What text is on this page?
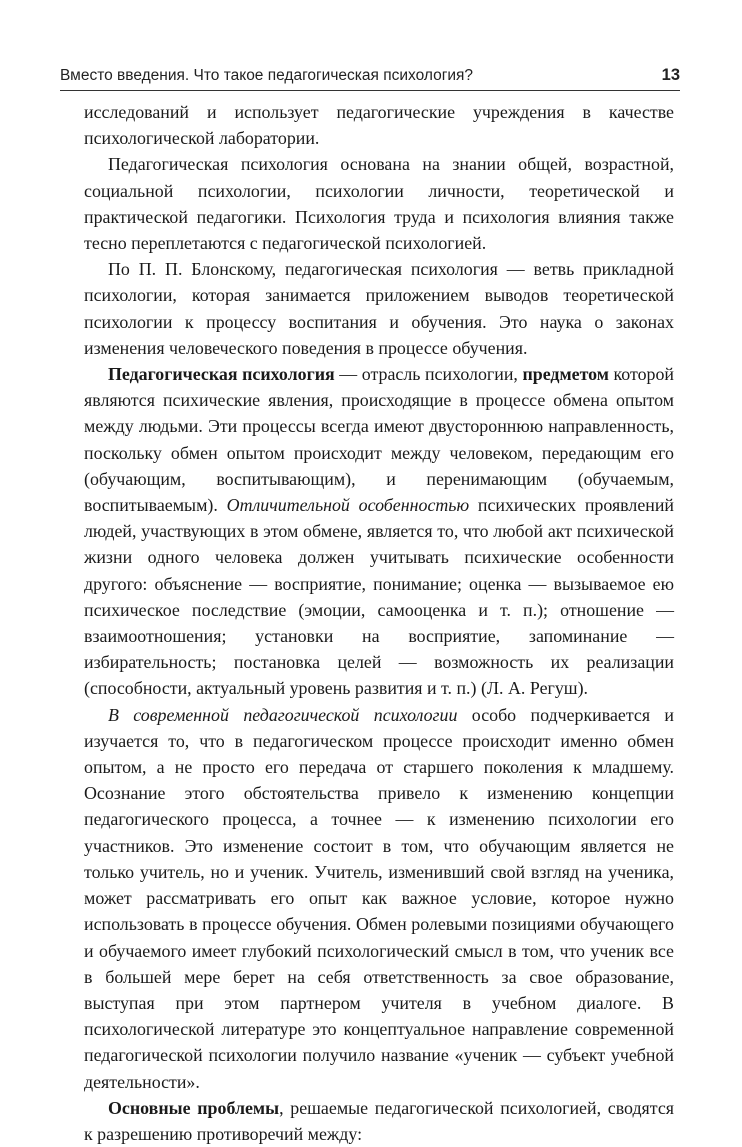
Вместо введения. Что такое педагогическая психология?	13

исследований и использует педагогические учреждения в качестве психологической лаборатории.

Педагогическая психология основана на знании общей, возрастной, социальной психологии, психологии личности, теоретической и практической педагогики. Психология труда и психология влияния также тесно переплетаются с педагогической психологией.

По П. П. Блонскому, педагогическая психология — ветвь прикладной психологии, которая занимается приложением выводов теоретической психологии к процессу воспитания и обучения. Это наука о законах изменения человеческого поведения в процессе обучения.

Педагогическая психология — отрасль психологии, предметом которой являются психические явления, происходящие в процессе обмена опытом между людьми. Эти процессы всегда имеют двустороннюю направленность, поскольку обмен опытом происходит между человеком, передающим его (обучающим, воспитывающим), и перенимающим (обучаемым, воспитываемым). Отличительной особенностью психических проявлений людей, участвующих в этом обмене, является то, что любой акт психической жизни одного человека должен учитывать психические особенности другого: объяснение — восприятие, понимание; оценка — вызываемое ею психическое последствие (эмоции, самооценка и т. п.); отношение — взаимоотношения; установки на восприятие, запоминание — избирательность; постановка целей — возможность их реализации (способности, актуальный уровень развития и т. п.) (Л. А. Регуш).

В современной педагогической психологии особо подчеркивается и изучается то, что в педагогическом процессе происходит именно обмен опытом, а не просто его передача от старшего поколения к младшему. Осознание этого обстоятельства привело к изменению концепции педагогического процесса, а точнее — к изменению психологии его участников. Это изменение состоит в том, что обучающим является не только учитель, но и ученик. Учитель, изменивший свой взгляд на ученика, может рассматривать его опыт как важное условие, которое нужно использовать в процессе обучения. Обмен ролевыми позициями обучающего и обучаемого имеет глубокий психологический смысл в том, что ученик все в большей мере берет на себя ответственность за свое образование, выступая при этом партнером учителя в учебном диалоге. В психологической литературе это концептуальное направление современной педагогической психологии получило название «ученик — субъект учебной деятельности».

Основные проблемы, решаемые педагогической психологией, сводятся к разрешению противоречий между:
